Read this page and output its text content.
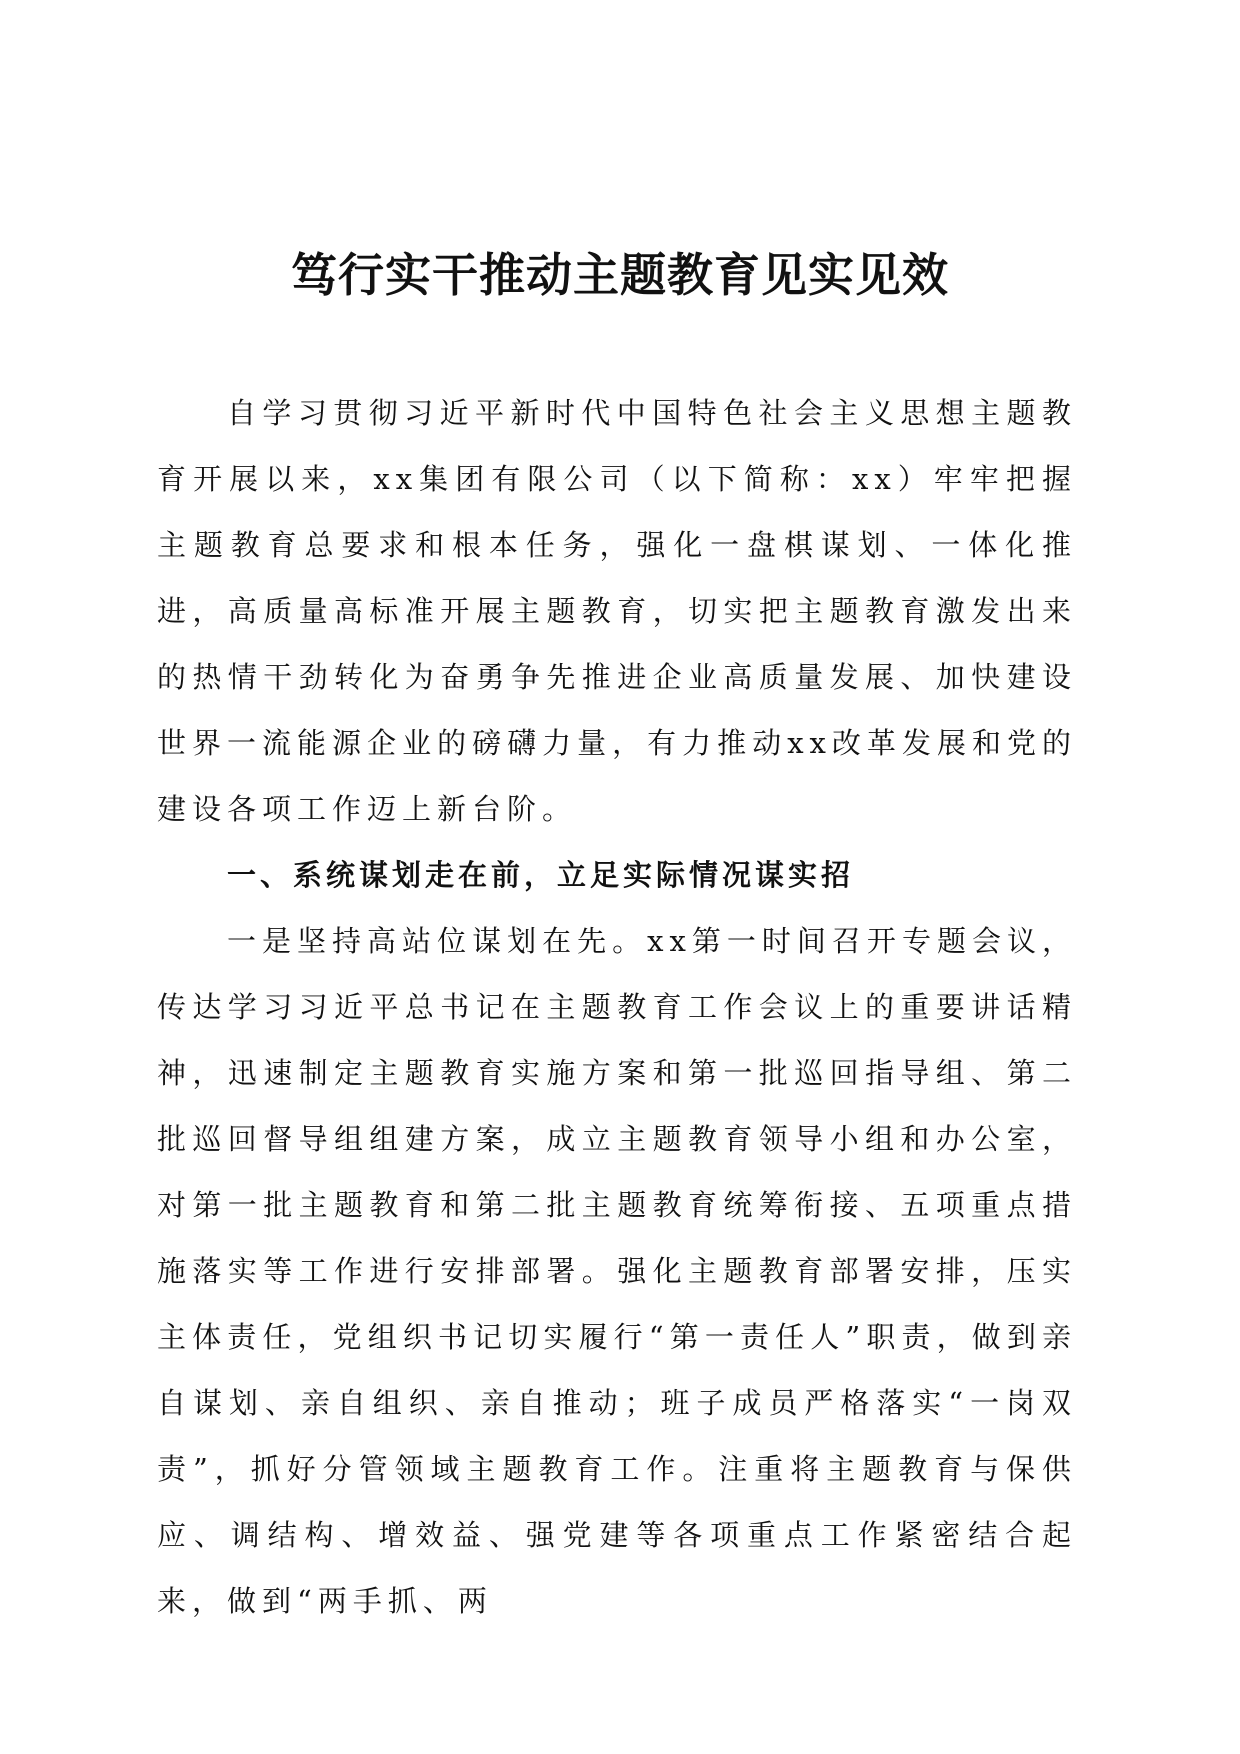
笃行实干推动主题教育见实见效

自学习贯彻习近平新时代中国特色社会主义思想主题教育开展以来，xx集团有限公司（以下简称：xx）牢牢把握主题教育总要求和根本任务，强化一盘棋谋划、一体化推进，高质量高标准开展主题教育，切实把主题教育激发出来的热情干劲转化为奋勇争先推进企业高质量发展、加快建设世界一流能源企业的磅礴力量，有力推动xx改革发展和党的建设各项工作迈上新台阶。

一、系统谋划走在前，立足实际情况谋实招

一是坚持高站位谋划在先。xx第一时间召开专题会议，传达学习习近平总书记在主题教育工作会议上的重要讲话精神，迅速制定主题教育实施方案和第一批巡回指导组、第二批巡回督导组组建方案，成立主题教育领导小组和办公室，对第一批主题教育和第二批主题教育统筹衔接、五项重点措施落实等工作进行安排部署。强化主题教育部署安排，压实主体责任，党组织书记切实履行“第一责任人”职责，做到亲自谋划、亲自组织、亲自推动；班子成员严格落实“一岗双责”，抓好分管领域主题教育工作。注重将主题教育与保供应、调结构、增效益、强党建等各项重点工作紧密结合起来，做到“两手抓、两
